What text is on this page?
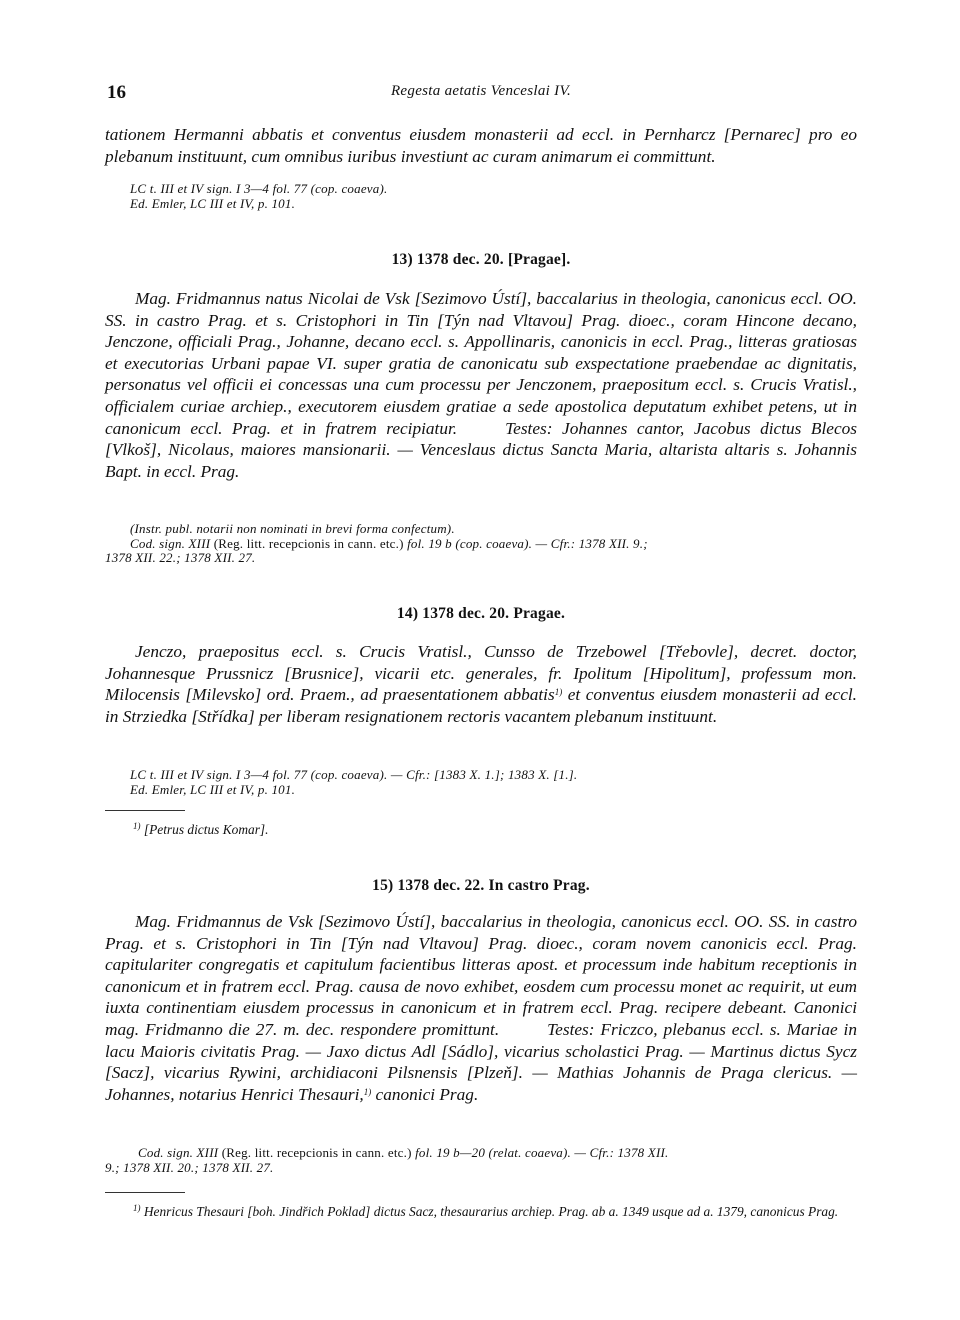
16	Regesta aetatis Venceslai IV.

tationem Hermanni abbatis et conventus eiusdem monasterii ad eccl. in Pernharcz [Pernarec] pro eo plebanum instituunt, cum omnibus iuribus investiunt ac curam animarum ei committunt.

LC t. III et IV sign. I 3—4 fol. 77 (cop. coaeva).

Ed. Emler, LC III et IV, p. 101.

13) 1378 dec. 20. [Pragae].

Mag. Fridmannus natus Nicolai de Vsk [Sezimovo Ústí], baccalarius in theologia, canonicus eccl. OO. SS. in castro Prag. et s. Cristophori in Tin [Týn nad Vltavou] Prag. dioec., coram Hincone decano, Jenczone, officiali Prag., Johanne, decano eccl. s. Appollinaris, canonicis in eccl. Prag., litteras gratiosas et executorias Urbani papae VI. super gratia de canonicatu sub exspectatione praebendae ac dignitatis, personatus vel officii ei concessas una cum processu per Jenczonem, praepositum eccl. s. Crucis Vratisl., officialem curiae archiep., executorem eiusdem gratiae a sede apostolica deputatum exhibet petens, ut in canonicum eccl. Prag. et in fratrem recipiatur.	Testes: Johannes cantor, Jacobus dictus Blecos [Vlkoš], Nicolaus, maiores mansionarii. — Venceslaus dictus Sancta Maria, altarista altaris s. Johannis Bapt. in eccl. Prag.

(Instr. publ. notarii non nominati in brevi forma confectum).

Cod. sign. XIII (Reg. litt. recepcionis in cann. etc.) fol. 19 b (cop. coaeva). — Cfr.: 1378 XII. 9.;

1378 XII. 22.; 1378 XII. 27.

14) 1378 dec. 20. Pragae.

Jenczo, praepositus eccl. s. Crucis Vratisl., Cunsso de Trzebowel [Třebovle], decret. doctor, Johannesque Prussnicz [Brusnice], vicarii etc. generales, fr. Ipolitum [Hipolitum], professum mon. Milocensis [Milevsko] ord. Praem., ad praesentationem abbatis$^{1)}$ et conventus eiusdem monasterii ad eccl. in Strziedka [Střídka] per liberam resignationem rectoris vacantem plebanum instituunt.

LC t. III et IV sign. I 3—4 fol. 77 (cop. coaeva). — Cfr.: [1383 X. 1.]; 1383 X. [1.].

Ed. Emler, LC III et IV, p. 101.

$^{1)}$ [Petrus dictus Komar].

15) 1378 dec. 22. In castro Prag.

Mag. Fridmannus de Vsk [Sezimovo Ústí], baccalarius in theologia, canonicus eccl. OO. SS. in castro Prag. et s. Cristophori in Tin [Týn nad Vltavou] Prag. dioec., coram novem canonicis eccl. Prag. capitulariter congregatis et capitulum facientibus litteras apost. et processum inde habitum receptionis in canonicum et in fratrem eccl. Prag. causa de novo exhibet, eosdem cum processu monet ac requirit, ut eum iuxta continentiam eiusdem processus in canonicum et in fratrem eccl. Prag. recipere debeant. Canonici mag. Fridmanno die 27. m. dec. respondere promittunt.	Testes: Friczco, plebanus eccl. s. Mariae in lacu Maioris civitatis Prag. — Jaxo dictus Adl [Sádlo], vicarius scholastici Prag. — Martinus dictus Sycz [Sacz], vicarius Rywini, archidiaconi Pilsnensis [Plzeň]. — Mathias Johannis de Praga clericus. — Johannes, notarius Henrici Thesauri,$^{1)}$ canonici Prag.

Cod. sign. XIII (Reg. litt. recepcionis in cann. etc.) fol. 19 b—20 (relat. coaeva). — Cfr.: 1378 XII.

9.; 1378 XII. 20.; 1378 XII. 27.

$^{1)}$ Henricus Thesauri [boh. Jindřich Poklad] dictus Sacz, thesaurarius archiep. Prag. ab a. 1349 usque ad a. 1379, canonicus Prag.
